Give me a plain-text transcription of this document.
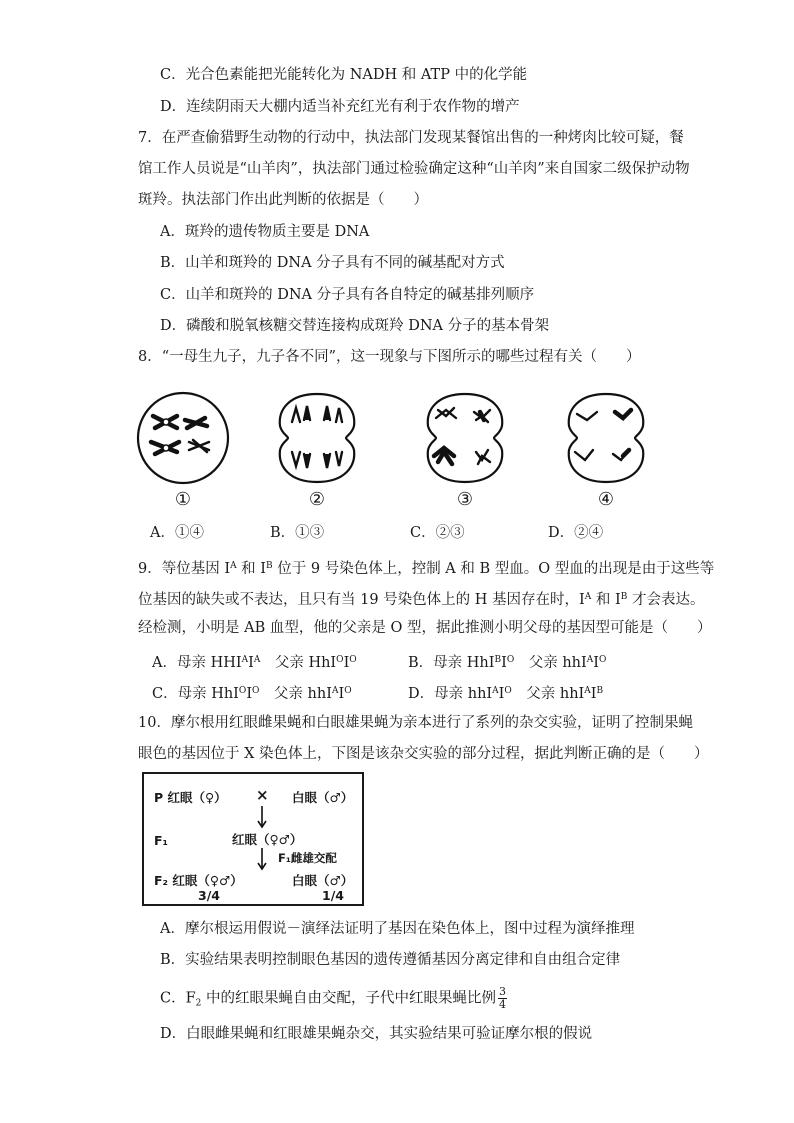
C．光合色素能把光能转化为 NADH 和 ATP 中的化学能
D．连续阴雨天大棚内适当补充红光有利于农作物的增产
7．在严查偷猎野生动物的行动中，执法部门发现某餐馆出售的一种烤肉比较可疑，餐
馆工作人员说是“山羊肉”，执法部门通过检验确定这种“山羊肉”来自国家二级保护动物
斑羚。执法部门作出此判断的依据是（　　）
A．斑羚的遗传物质主要是 DNA
B．山羊和斑羚的 DNA 分子具有不同的碱基配对方式
C．山羊和斑羚的 DNA 分子具有各自特定的碱基排列顺序
D．磷酸和脱氧核糖交替连接构成斑羚 DNA 分子的基本骨架
8．“一母生九子，九子各不同”，这一现象与下图所示的哪些过程有关（　　）
①	②	③	④
A．①④	B．①③	C．②③	D．②④
9．等位基因 $I^A$ 和 $I^B$ 位于 9 号染色体上，控制 A 和 B 型血。O 型血的出现是由于这些等
位基因的缺失或不表达，且只有当 19 号染色体上的 H 基因存在时，$I^A$ 和 $I^B$ 才会表达。
经检测，小明是 AB 血型，他的父亲是 O 型，据此推测小明父母的基因型可能是（　　）
A．母亲 $HHI^AI^A$　父亲 $HhI^OI^O$	B．母亲 $HhI^BI^O$　父亲 $hhI^AI^O$
C．母亲 $HhI^OI^O$　父亲 $hhI^AI^O$	D．母亲 $hhI^AI^O$　父亲 $hhI^AI^B$
10．摩尔根用红眼雌果蝇和白眼雄果蝇为亲本进行了系列的杂交实验，证明了控制果蝇
眼色的基因位于 X 染色体上，下图是该杂交实验的部分过程，据此判断正确的是（　　）
P 红眼（♀） × 白眼（♂）
F₁	红眼（♀♂）
F₁雌雄交配
F₂ 红眼（♀♂）	白眼（♂）
3/4	1/4
A．摩尔根运用假说－演绎法证明了基因在染色体上，图中过程为演绎推理
B．实验结果表明控制眼色基因的遗传遵循基因分离定律和自由组合定律
C．$F_2$ 中的红眼果蝇自由交配，子代中红眼果蝇比例 $\frac{3}{4}$
D．白眼雌果蝇和红眼雄果蝇杂交，其实验结果可验证摩尔根的假说
